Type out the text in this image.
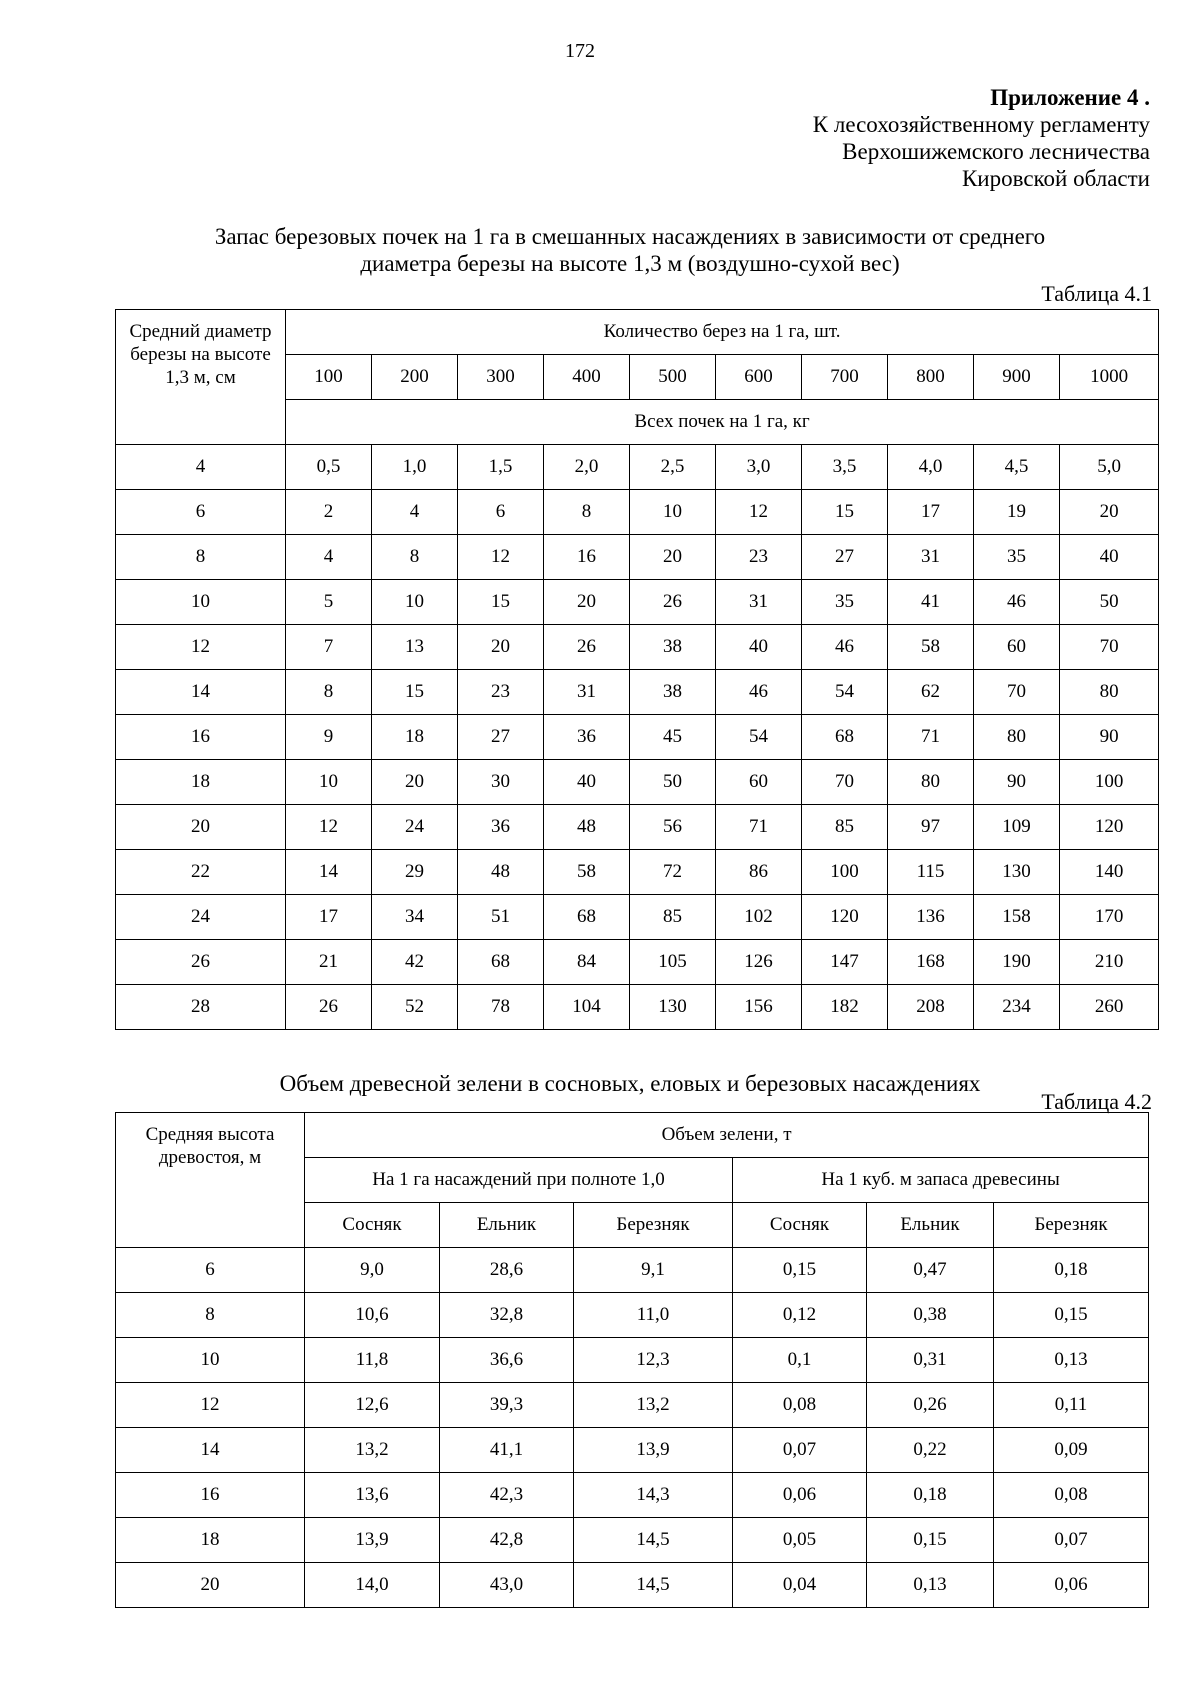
172
Приложение 4 .
К лесохозяйственному регламенту
Верхошижемского лесничества
Кировской области
Запас березовых почек на 1 га в смешанных насаждениях в зависимости от среднего
диаметра березы на высоте 1,3 м (воздушно-сухой вес)
Таблица 4.1
Средний диаметр березы на высоте 1,3 м, см	Количество берез на 1 га, шт.									
	100	200	300	400	500	600	700	800	900	1000
	Всех почек на 1 га, кг									
4	0,5	1,0	1,5	2,0	2,5	3,0	3,5	4,0	4,5	5,0
6	2	4	6	8	10	12	15	17	19	20
8	4	8	12	16	20	23	27	31	35	40
10	5	10	15	20	26	31	35	41	46	50
12	7	13	20	26	38	40	46	58	60	70
14	8	15	23	31	38	46	54	62	70	80
16	9	18	27	36	45	54	68	71	80	90
18	10	20	30	40	50	60	70	80	90	100
20	12	24	36	48	56	71	85	97	109	120
22	14	29	48	58	72	86	100	115	130	140
24	17	34	51	68	85	102	120	136	158	170
26	21	42	68	84	105	126	147	168	190	210
28	26	52	78	104	130	156	182	208	234	260
Объем древесной зелени в сосновых, еловых и березовых насаждениях
Таблица 4.2
Средняя высота древостоя, м	Объем зелени, т					
	На 1 га насаждений при полноте 1,0			На 1 куб. м запаса древесины		
	Сосняк	Ельник	Березняк	Сосняк	Ельник	Березняк
6	9,0	28,6	9,1	0,15	0,47	0,18
8	10,6	32,8	11,0	0,12	0,38	0,15
10	11,8	36,6	12,3	0,1	0,31	0,13
12	12,6	39,3	13,2	0,08	0,26	0,11
14	13,2	41,1	13,9	0,07	0,22	0,09
16	13,6	42,3	14,3	0,06	0,18	0,08
18	13,9	42,8	14,5	0,05	0,15	0,07
20	14,0	43,0	14,5	0,04	0,13	0,06
